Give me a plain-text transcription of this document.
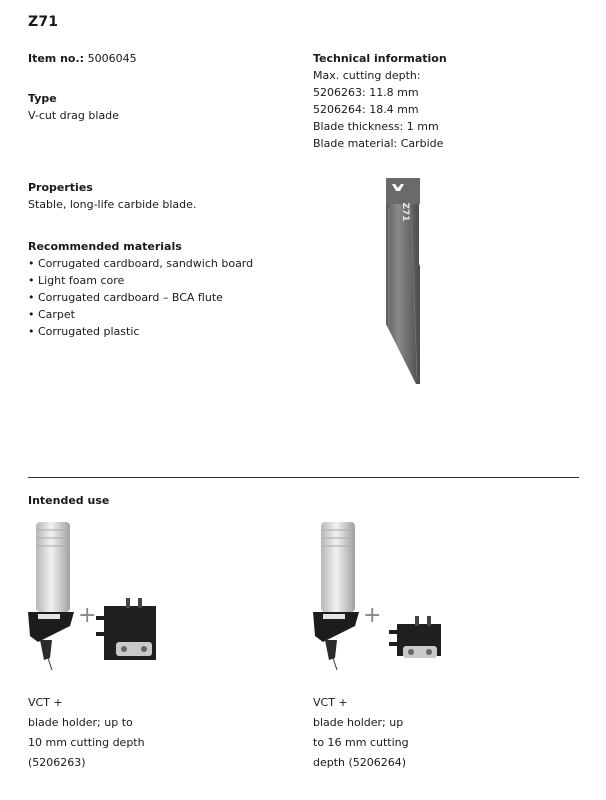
Z71
Item no.: 5006045
Type
V-cut drag blade
Technical information
Max. cutting depth:
5206263: 11.8 mm
5206264: 18.4 mm
Blade thickness: 1 mm
Blade material: Carbide
Properties
Stable, long-life carbide blade.
Recommended materials
• Corrugated cardboard, sandwich board
• Light foam core
• Corrugated cardboard – BCA flute
• Carpet
• Corrugated plastic
Z71
Intended use
+	+
VCT +
blade holder; up to
10 mm cutting depth
(5206263)
VCT +
blade holder; up
to 16 mm cutting
depth (5206264)
